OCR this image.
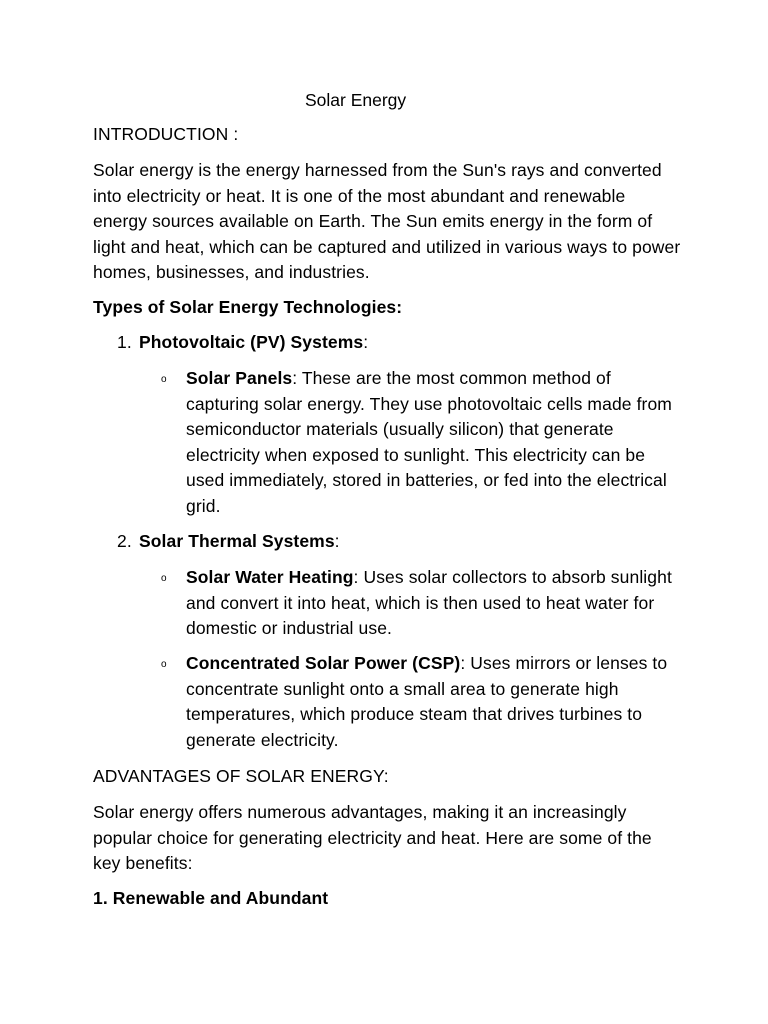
Solar Energy

INTRODUCTION :

Solar energy is the energy harnessed from the Sun's rays and converted into electricity or heat. It is one of the most abundant and renewable energy sources available on Earth. The Sun emits energy in the form of light and heat, which can be captured and utilized in various ways to power homes, businesses, and industries.

Types of Solar Energy Technologies:

1. Photovoltaic (PV) Systems:
o	Solar Panels: These are the most common method of capturing solar energy. They use photovoltaic cells made from semiconductor materials (usually silicon) that generate electricity when exposed to sunlight. This electricity can be used immediately, stored in batteries, or fed into the electrical grid.
2. Solar Thermal Systems:
o	Solar Water Heating: Uses solar collectors to absorb sunlight and convert it into heat, which is then used to heat water for domestic or industrial use.
o	Concentrated Solar Power (CSP): Uses mirrors or lenses to concentrate sunlight onto a small area to generate high temperatures, which produce steam that drives turbines to generate electricity.

ADVANTAGES OF SOLAR ENERGY:

Solar energy offers numerous advantages, making it an increasingly popular choice for generating electricity and heat. Here are some of the key benefits:

1. Renewable and Abundant
